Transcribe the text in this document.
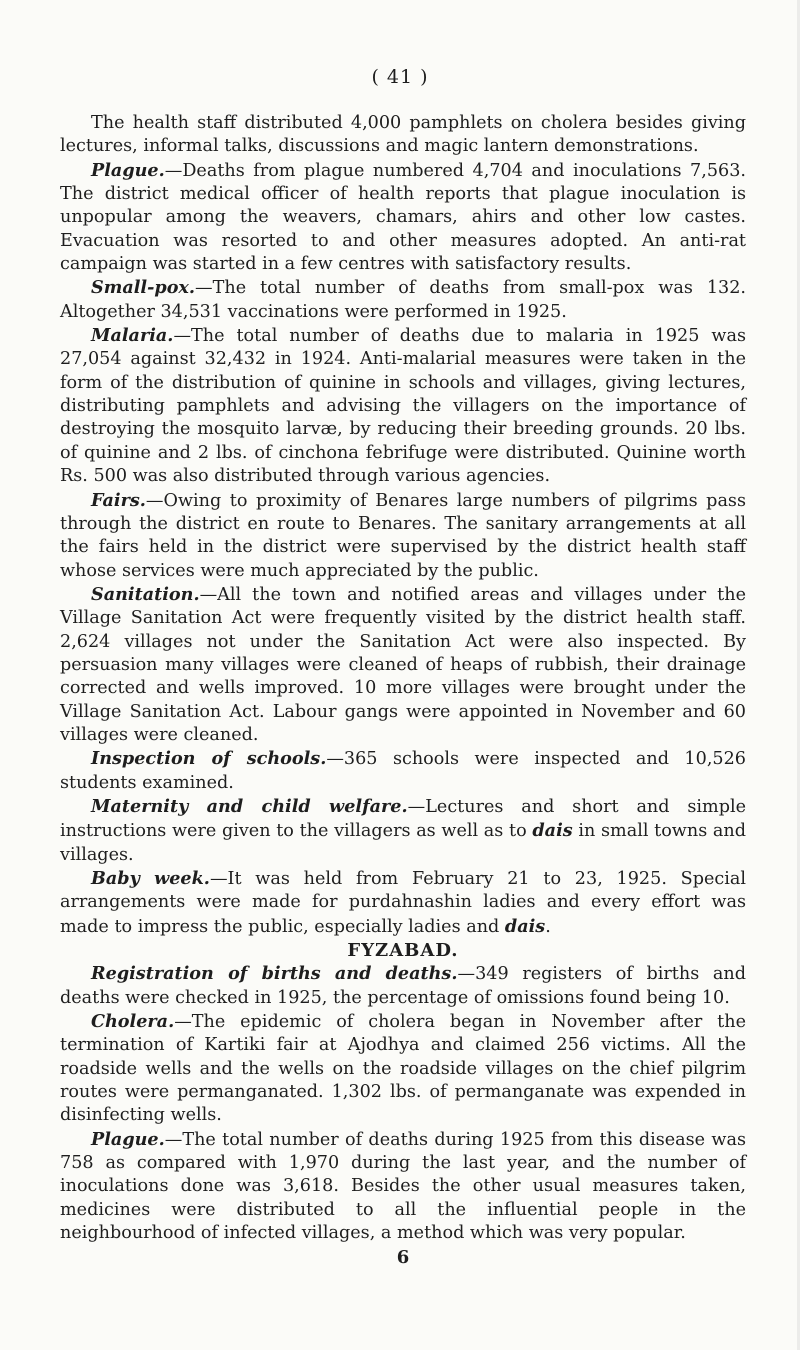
( 41 )

The health staff distributed 4,000 pamphlets on cholera besides giving lectures, informal talks, discussions and magic lantern demonstrations.

Plague.—Deaths from plague numbered 4,704 and inoculations 7,563. The district medical officer of health reports that plague inoculation is unpopular among the weavers, chamars, ahirs and other low castes. Evacuation was resorted to and other measures adopted. An anti-rat campaign was started in a few centres with satisfactory results.

Small-pox.—The total number of deaths from small-pox was 132. Altogether 34,531 vaccinations were performed in 1925.

Malaria.—The total number of deaths due to malaria in 1925 was 27,054 against 32,432 in 1924. Anti-malarial measures were taken in the form of the distribution of quinine in schools and villages, giving lectures, distributing pamphlets and advising the villagers on the importance of destroying the mosquito larvæ, by reducing their breeding grounds. 20 lbs. of quinine and 2 lbs. of cinchona febrifuge were distributed. Quinine worth Rs. 500 was also distributed through various agencies.

Fairs.—Owing to proximity of Benares large numbers of pilgrims pass through the district en route to Benares. The sanitary arrangements at all the fairs held in the district were supervised by the district health staff whose services were much appreciated by the public.

Sanitation.—All the town and notified areas and villages under the Village Sanitation Act were frequently visited by the district health staff. 2,624 villages not under the Sanitation Act were also inspected. By persuasion many villages were cleaned of heaps of rubbish, their drainage corrected and wells improved. 10 more villages were brought under the Village Sanitation Act. Labour gangs were appointed in November and 60 villages were cleaned.

Inspection of schools.—365 schools were inspected and 10,526 students examined.

Maternity and child welfare.—Lectures and short and simple instructions were given to the villagers as well as to dais in small towns and villages.

Baby week.—It was held from February 21 to 23, 1925. Special arrangements were made for purdahnashin ladies and every effort was made to impress the public, especially ladies and dais.

FYZABAD.

Registration of births and deaths.—349 registers of births and deaths were checked in 1925, the percentage of omissions found being 10.

Cholera.—The epidemic of cholera began in November after the termination of Kartiki fair at Ajodhya and claimed 256 victims. All the roadside wells and the wells on the roadside villages on the chief pilgrim routes were permanganated. 1,302 lbs. of permanganate was expended in disinfecting wells.

Plague.—The total number of deaths during 1925 from this disease was 758 as compared with 1,970 during the last year, and the number of inoculations done was 3,618. Besides the other usual measures taken, medicines were distributed to all the influential people in the neighbourhood of infected villages, a method which was very popular.

6
